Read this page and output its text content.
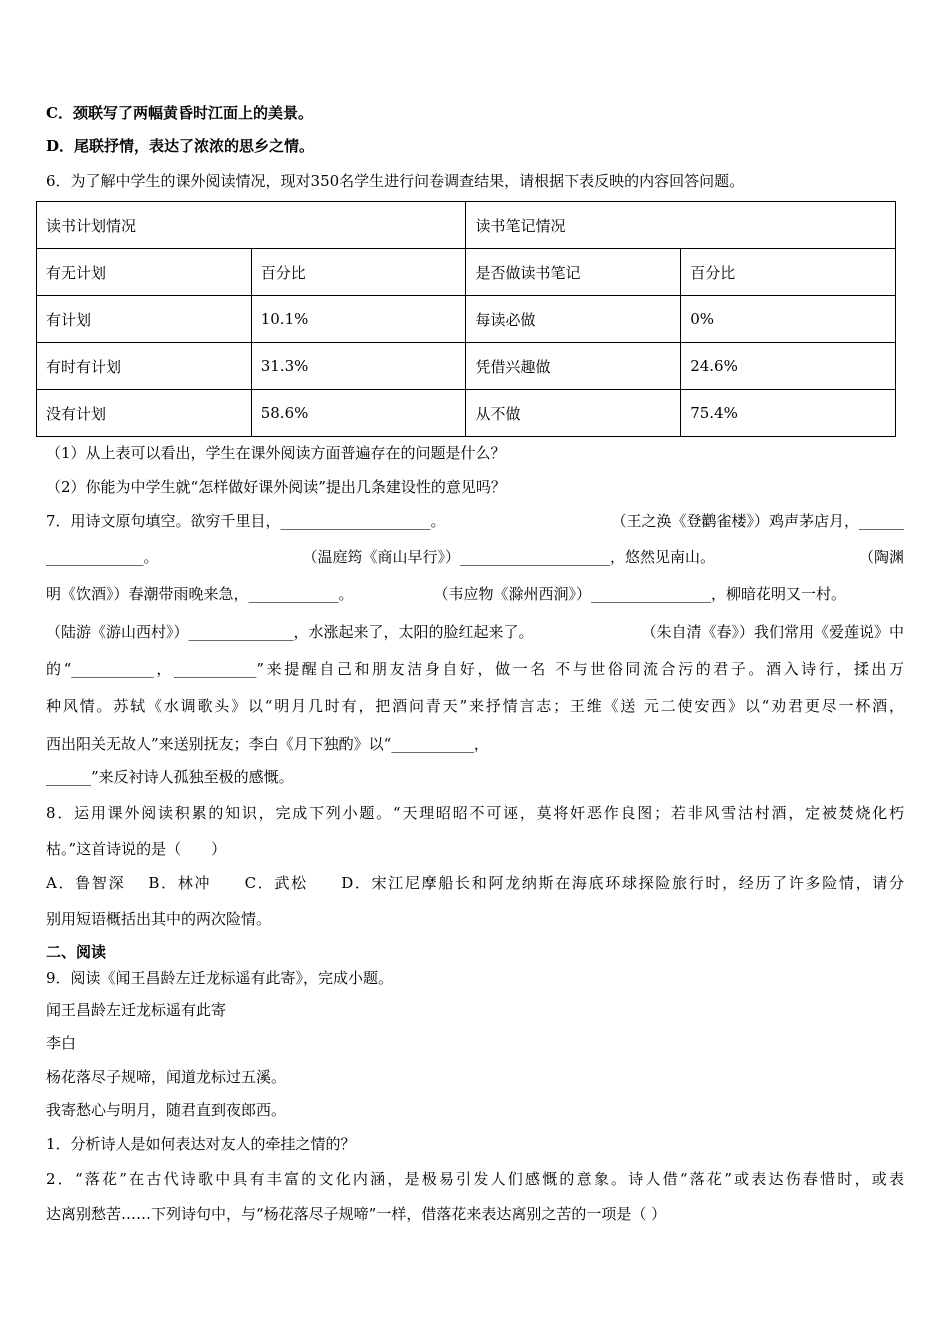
C．颈联写了两幅黄昏时江面上的美景。
D．尾联抒情，表达了浓浓的思乡之情。
6．为了解中学生的课外阅读情况，现对350名学生进行问卷调查结果，请根据下表反映的内容回答问题。
读书计划情况		读书笔记情况	
有无计划	百分比	是否做读书笔记	百分比
有计划	10.1%	每读必做	0%
有时有计划	31.3%	凭借兴趣做	24.6%
没有计划	58.6%	从不做	75.4%
（1）从上表可以看出，学生在课外阅读方面普遍存在的问题是什么？
（2）你能为中学生就“怎样做好课外阅读”提出几条建设性的意见吗？
7．用诗文原句填空。欲穷千里目，____________________。	（王之涣《登鹳雀楼》）鸡声茅店月，______
_____________。	（温庭筠《商山早行》）____________________，悠然见南山。	（陶渊
明《饮酒》）春潮带雨晚来急，____________。	（韦应物《滁州西涧》）________________，柳暗花明又一村。
（陆游《游山西村》）______________，水涨起来了，太阳的脸红起来了。	（朱自清《春》）我们常用《爱莲说》中
的“___________，___________”来提醒自己和朋友洁身自好，做一名 不与世俗同流合污的君子。酒入诗行，揉出万
种风情。苏轼《水调歌头》以“明月几时有，把酒问青天”来抒情言志；王维《送 元二使安西》以“劝君更尽一杯酒，
西出阳关无故人”来送别抚友；李白《月下独酌》以“___________，
______”来反衬诗人孤独至极的感慨。
8．运用课外阅读积累的知识，完成下列小题。“天理昭昭不可诬，莫将奸恶作良图；若非风雪沽村酒，定被焚烧化朽
枯。”这首诗说的是（　　）
A．鲁智深　 B．林冲　　C．武松　　D．宋江尼摩船长和阿龙纳斯在海底环球探险旅行时，经历了许多险情，请分
别用短语概括出其中的两次险情。
二、阅读
9．阅读《闻王昌龄左迁龙标遥有此寄》，完成小题。
闻王昌龄左迁龙标遥有此寄
李白
杨花落尽子规啼，闻道龙标过五溪。
我寄愁心与明月，随君直到夜郎西。
1．分析诗人是如何表达对友人的牵挂之情的？
2．“落花”在古代诗歌中具有丰富的文化内涵，是极易引发人们感慨的意象。诗人借“落花”或表达伤春惜时，或表
达离别愁苦……下列诗句中，与“杨花落尽子规啼”一样，借落花来表达离别之苦的一项是（ ）
